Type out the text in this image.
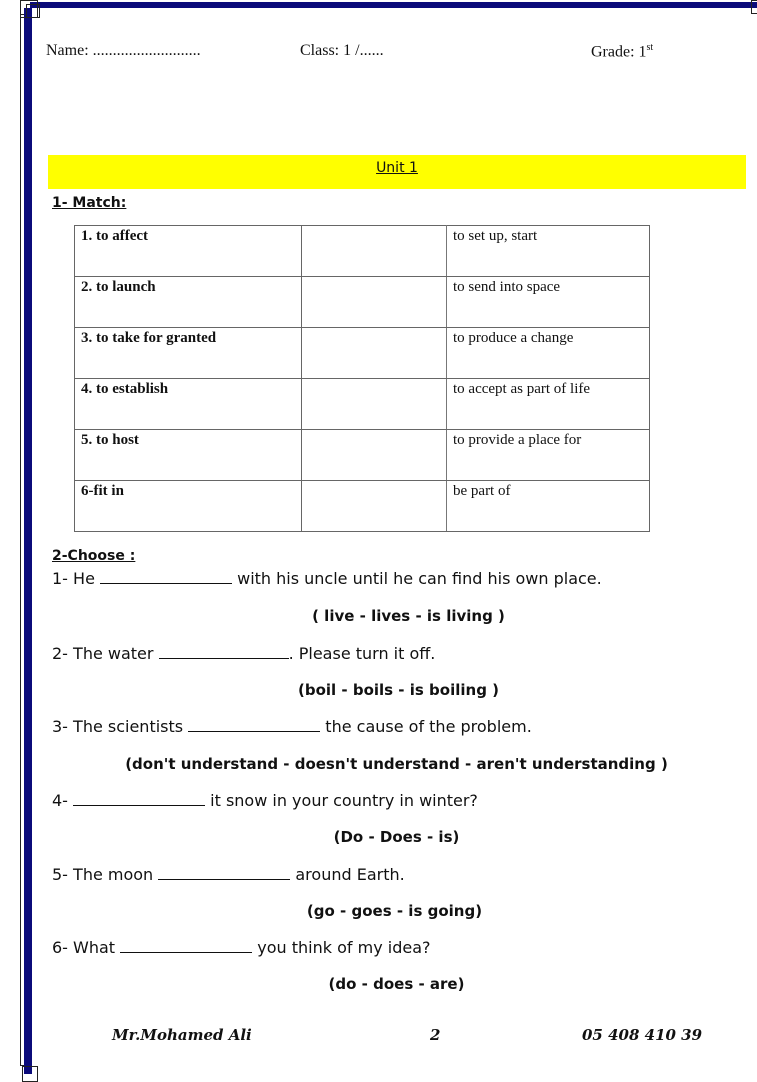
Name: ...........................	Class: 1 /......	Grade: 1st
Unit 1
1- Match:
1. to affect		to set up, start
2. to launch		to send into space
3. to take for granted		to produce a change
4. to establish		to accept as part of life
5. to host		to provide a place for
6-fit in		be part of
2-Choose :
1- He	with his uncle until he can find his own place.
( live - lives - is living )
2- The water	. Please turn it off.
(boil - boils - is boiling )
3- The scientists	the cause of the problem.
(don't understand - doesn't understand - aren't understanding )
4-	it snow in your country in winter?
(Do - Does - is)
5- The moon	around Earth.
(go - goes - is going)
6- What	you think of my idea?
(do - does - are)
Mr.Mohamed Ali	2	05 408 410 39
